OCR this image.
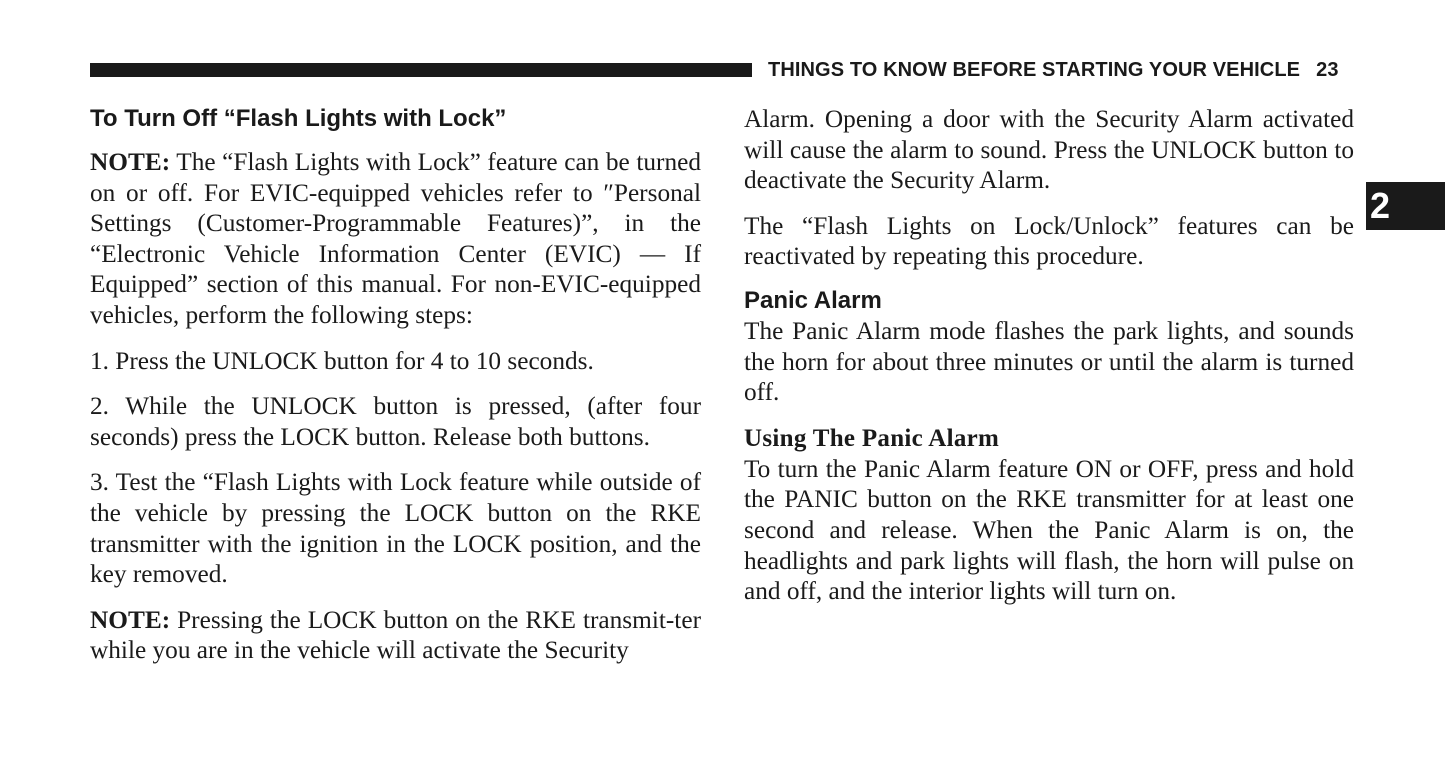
THINGS TO KNOW BEFORE STARTING YOUR VEHICLE 23
2
To Turn Off “Flash Lights with Lock”

NOTE: The “Flash Lights with Lock” feature can be turned on or off. For EVIC-equipped vehicles refer to ″Personal Settings (Customer-Programmable Features)”, in the “Electronic Vehicle Information Center (EVIC) — If Equipped” section of this manual. For non-EVIC-equipped vehicles, perform the following steps:

1. Press the UNLOCK button for 4 to 10 seconds.

2. While the UNLOCK button is pressed, (after four seconds) press the LOCK button. Release both buttons.

3. Test the “Flash Lights with Lock feature while outside of the vehicle by pressing the LOCK button on the RKE transmitter with the ignition in the LOCK position, and the key removed.

NOTE: Pressing the LOCK button on the RKE transmit-ter while you are in the vehicle will activate the Security

Alarm. Opening a door with the Security Alarm activated will cause the alarm to sound. Press the UNLOCK button to deactivate the Security Alarm.

The “Flash Lights on Lock/Unlock” features can be reactivated by repeating this procedure.

Panic Alarm

The Panic Alarm mode flashes the park lights, and sounds the horn for about three minutes or until the alarm is turned off.

Using The Panic Alarm

To turn the Panic Alarm feature ON or OFF, press and hold the PANIC button on the RKE transmitter for at least one second and release. When the Panic Alarm is on, the headlights and park lights will flash, the horn will pulse on and off, and the interior lights will turn on.
